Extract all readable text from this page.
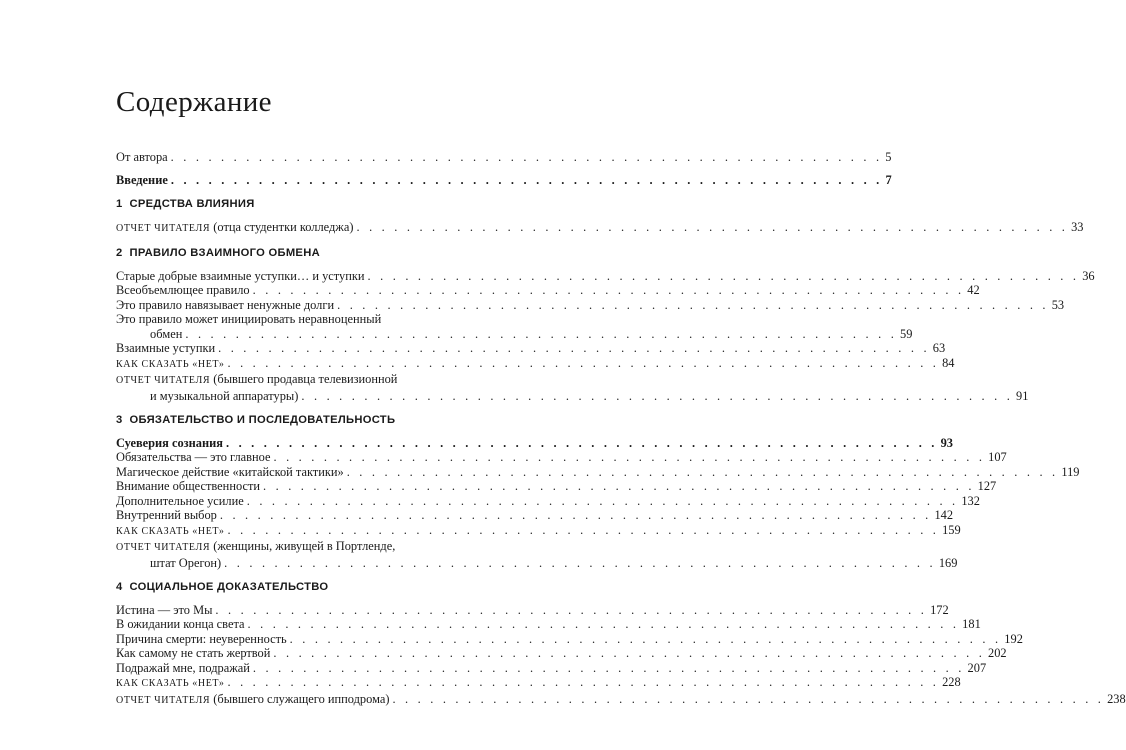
Содержание
От автора . . . . . . . . . . . . . . . . . . . . . . . . . . . . . . . . . . . . . . . . . . . . . . . . . . . . . . . . . 5
Введение . . . . . . . . . . . . . . . . . . . . . . . . . . . . . . . . . . . . . . . . . . . . . . . . . . . . . . . . . 7
1 СРЕДСТВА ВЛИЯНИЯ
ОТЧЕТ ЧИТАТЕЛЯ (отца студентки колледжа) . . . . . . . . . . . . . . . . . . . . . . . . . . . . . . . . . . . . . . . . . . . . . . . . . . . . . . . . . 33
2 ПРАВИЛО ВЗАИМНОГО ОБМЕНА
Старые добрые взаимные уступки… и уступки . . . . . . . . . . . . . . . . . . . . . . . . . . . . . . . . . . . . . . . . . . . . . . . . . . . . . . . . . 36
Всеобъемлющее правило . . . . . . . . . . . . . . . . . . . . . . . . . . . . . . . . . . . . . . . . . . . . . . . . . . . . . . . . . 42
Это правило навязывает ненужные долги . . . . . . . . . . . . . . . . . . . . . . . . . . . . . . . . . . . . . . . . . . . . . . . . . . . . . . . . . 53
Это правило может инициировать неравноценный
обмен . . . . . . . . . . . . . . . . . . . . . . . . . . . . . . . . . . . . . . . . . . . . . . . . . . . . . . . . . 59
Взаимные уступки . . . . . . . . . . . . . . . . . . . . . . . . . . . . . . . . . . . . . . . . . . . . . . . . . . . . . . . . . 63
КАК СКАЗАТЬ «НЕТ» . . . . . . . . . . . . . . . . . . . . . . . . . . . . . . . . . . . . . . . . . . . . . . . . . . . . . . . . . 84
ОТЧЕТ ЧИТАТЕЛЯ (бывшего продавца телевизионной
и музыкальной аппаратуры) . . . . . . . . . . . . . . . . . . . . . . . . . . . . . . . . . . . . . . . . . . . . . . . . . . . . . . . . . 91
3 ОБЯЗАТЕЛЬСТВО И ПОСЛЕДОВАТЕЛЬНОСТЬ
Суеверия сознания . . . . . . . . . . . . . . . . . . . . . . . . . . . . . . . . . . . . . . . . . . . . . . . . . . . . . . . . . 93
Обязательства — это главное . . . . . . . . . . . . . . . . . . . . . . . . . . . . . . . . . . . . . . . . . . . . . . . . . . . . . . . . . 107
Магическое действие «китайской тактики» . . . . . . . . . . . . . . . . . . . . . . . . . . . . . . . . . . . . . . . . . . . . . . . . . . . . . . . . . 119
Внимание общественности . . . . . . . . . . . . . . . . . . . . . . . . . . . . . . . . . . . . . . . . . . . . . . . . . . . . . . . . . 127
Дополнительное усилие . . . . . . . . . . . . . . . . . . . . . . . . . . . . . . . . . . . . . . . . . . . . . . . . . . . . . . . . . 132
Внутренний выбор . . . . . . . . . . . . . . . . . . . . . . . . . . . . . . . . . . . . . . . . . . . . . . . . . . . . . . . . . 142
КАК СКАЗАТЬ «НЕТ» . . . . . . . . . . . . . . . . . . . . . . . . . . . . . . . . . . . . . . . . . . . . . . . . . . . . . . . . . 159
ОТЧЕТ ЧИТАТЕЛЯ (женщины, живущей в Портленде,
штат Орегон) . . . . . . . . . . . . . . . . . . . . . . . . . . . . . . . . . . . . . . . . . . . . . . . . . . . . . . . . . 169
4 СОЦИАЛЬНОЕ ДОКАЗАТЕЛЬСТВО
Истина — это Мы . . . . . . . . . . . . . . . . . . . . . . . . . . . . . . . . . . . . . . . . . . . . . . . . . . . . . . . . . 172
В ожидании конца света . . . . . . . . . . . . . . . . . . . . . . . . . . . . . . . . . . . . . . . . . . . . . . . . . . . . . . . . . 181
Причина смерти: неуверенность . . . . . . . . . . . . . . . . . . . . . . . . . . . . . . . . . . . . . . . . . . . . . . . . . . . . . . . . . 192
Как самому не стать жертвой . . . . . . . . . . . . . . . . . . . . . . . . . . . . . . . . . . . . . . . . . . . . . . . . . . . . . . . . . 202
Подражай мне, подражай . . . . . . . . . . . . . . . . . . . . . . . . . . . . . . . . . . . . . . . . . . . . . . . . . . . . . . . . . 207
КАК СКАЗАТЬ «НЕТ» . . . . . . . . . . . . . . . . . . . . . . . . . . . . . . . . . . . . . . . . . . . . . . . . . . . . . . . . . 228
ОТЧЕТ ЧИТАТЕЛЯ (бывшего служащего ипподрома) . . . . . . . . . . . . . . . . . . . . . . . . . . . . . . . . . . . . . . . . . . . . . . . . . . . . . . . . . 238
